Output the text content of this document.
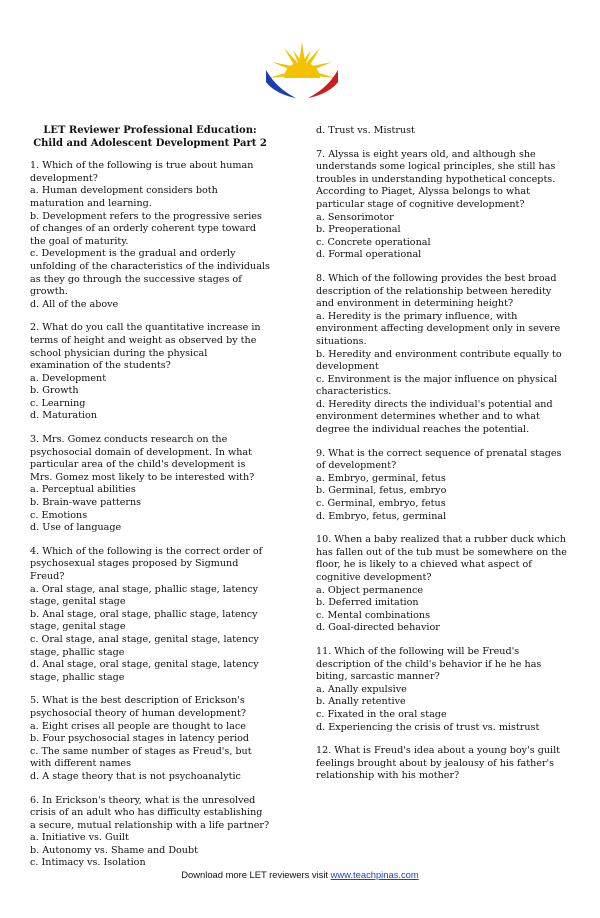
Sun Sui
LET Reviewer Professional Education:
Child and Adolescent Development Part 2

1. Which of the following is true about human development?

a. Human development considers both maturation and learning.

b. Development refers to the progressive series of changes of an orderly coherent type toward the goal of maturity.

c. Development is the gradual and orderly unfolding of the characteristics of the individuals as they go through the successive stages of growth.

d. All of the above

2. What do you call the quantitative increase in terms of height and weight as observed by the school physician during the physical examination of the students?

a. Development

b. Growth

c. Learning

d. Maturation

3. Mrs. Gomez conducts research on the psychosocial domain of development. In what particular area of the child's development is Mrs. Gomez most likely to be interested with?

a. Perceptual abilities

b. Brain-wave patterns

c. Emotions

d. Use of language

4. Which of the following is the correct order of psychosexual stages proposed by Sigmund Freud?

a. Oral stage, anal stage, phallic stage, latency stage, genital stage

b. Anal stage, oral stage, phallic stage, latency stage, genital stage

c. Oral stage, anal stage, genital stage, latency stage, phallic stage

d. Anal stage, oral stage, genital stage, latency stage, phallic stage

5. What is the best description of Erickson's psychosocial theory of human development?

a. Eight crises all people are thought to lace

b. Four psychosocial stages in latency period

c. The same number of stages as Freud's, but with different names

d. A stage theory that is not psychoanalytic

6. In Erickson's theory, what is the unresolved crisis of an adult who has difficulty establishing a secure, mutual relationship with a life partner?

a. Initiative vs. Guilt

b. Autonomy vs. Shame and Doubt

c. Intimacy vs. Isolation

d. Trust vs. Mistrust

7. Alyssa is eight years old, and although she understands some logical principles, she still has troubles in understanding hypothetical concepts. According to Piaget, Alyssa belongs to what particular stage of cognitive development?

a. Sensorimotor

b. Preoperational

c. Concrete operational

d. Formal operational

8. Which of the following provides the best broad description of the relationship between heredity and environment in determining height?

a. Heredity is the primary influence, with environment affecting development only in severe situations.

b. Heredity and environment contribute equally to development

c. Environment is the major influence on physical characteristics.

d. Heredity directs the individual's potential and environment determines whether and to what degree the individual reaches the potential.

9. What is the correct sequence of prenatal stages of development?

a. Embryo, germinal, fetus

b. Germinal, fetus, embryo

c. Germinal, embryo, fetus

d. Embryo, fetus, germinal

10. When a baby realized that a rubber duck which has fallen out of the tub must be somewhere on the floor, he is likely to a chieved what aspect of cognitive development?

a. Object permanence

b. Deferred imitation

c. Mental combinations

d. Goal-directed behavior

11. Which of the following will be Freud's description of the child's behavior if he he has biting, sarcastic manner?

a. Anally expulsive

b. Anally retentive

c. Fixated in the oral stage

d. Experiencing the crisis of trust vs. mistrust

12. What is Freud's idea about a young boy's guilt feelings brought about by jealousy of his father's relationship with his mother?

Download more LET reviewers visit www.teachpinas.com
